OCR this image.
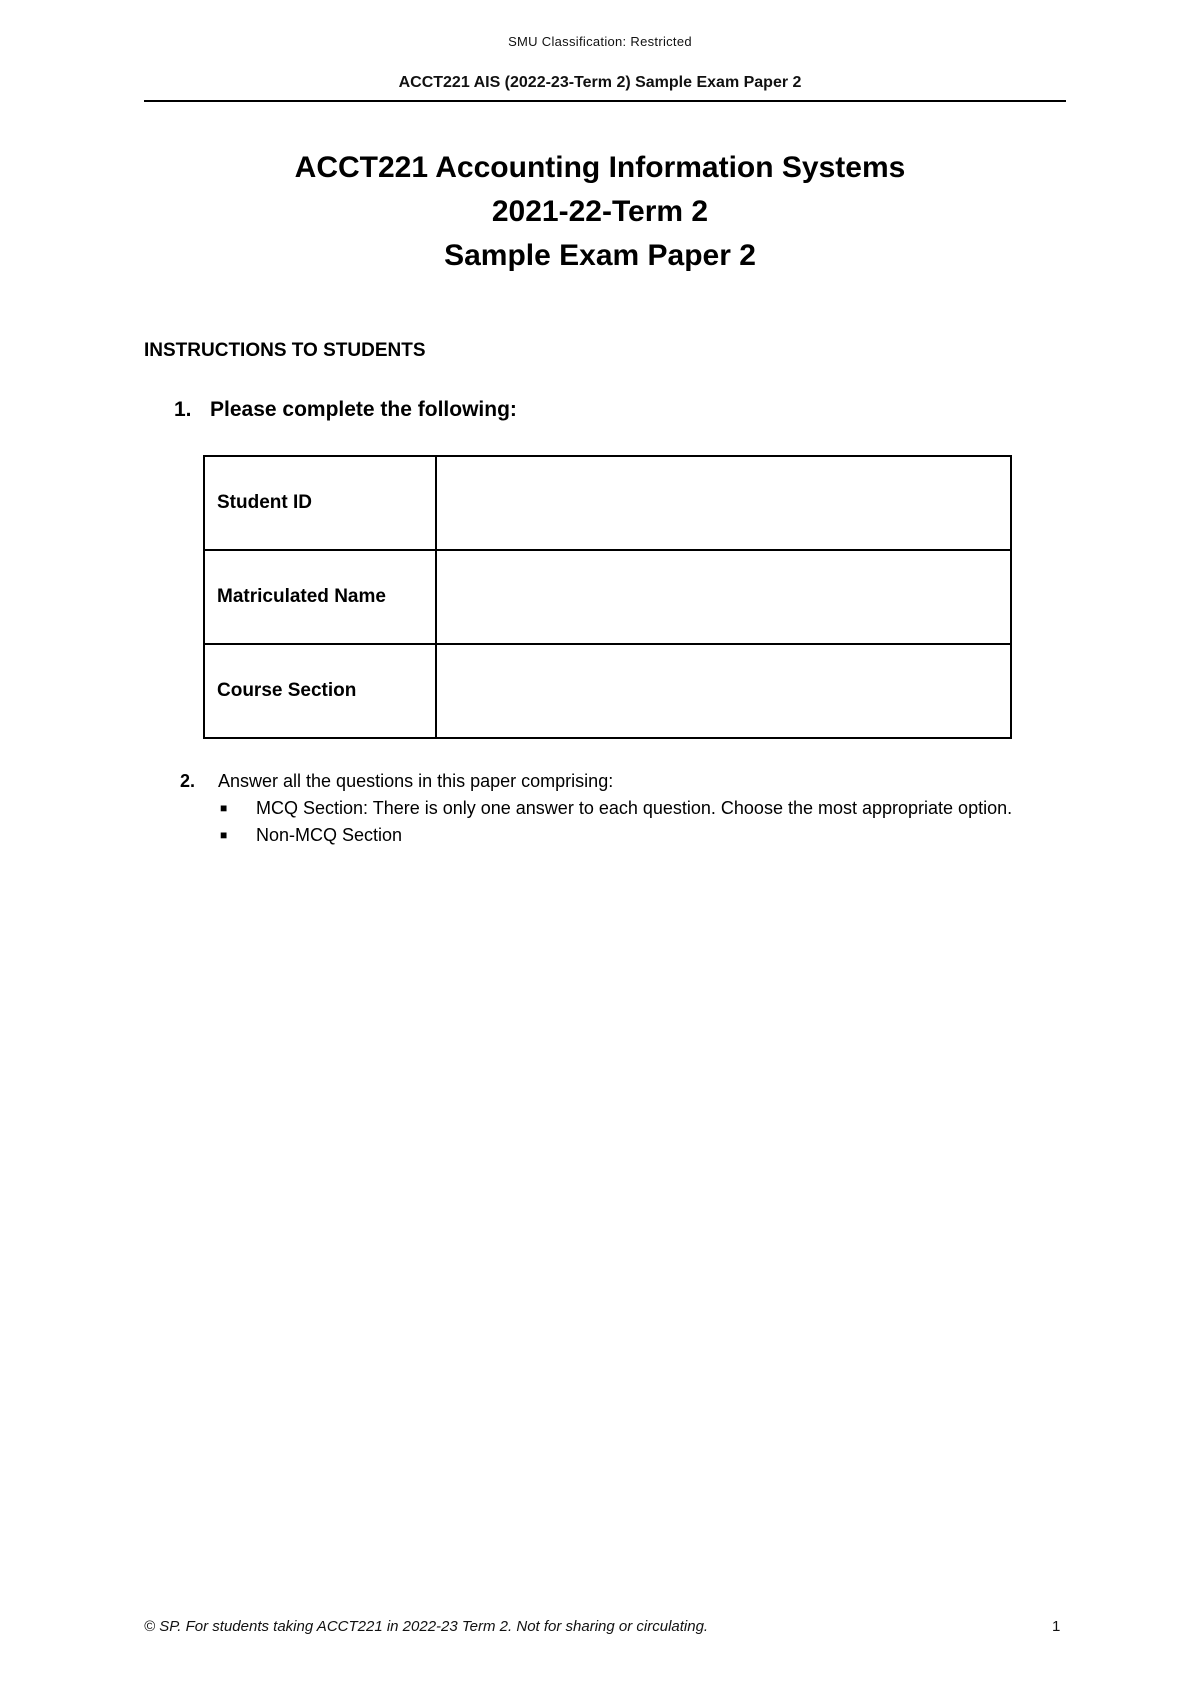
SMU Classification: Restricted
ACCT221 AIS (2022-23-Term 2) Sample Exam Paper 2
ACCT221 Accounting Information Systems
2021-22-Term 2
Sample Exam Paper 2
INSTRUCTIONS TO STUDENTS
1. Please complete the following:
Student ID	
Matriculated Name	
Course Section	
2. Answer all the questions in this paper comprising:
■ MCQ Section: There is only one answer to each question. Choose the most appropriate option.
■ Non-MCQ Section
© SP. For students taking ACCT221 in 2022-23 Term 2. Not for sharing or circulating.	1
